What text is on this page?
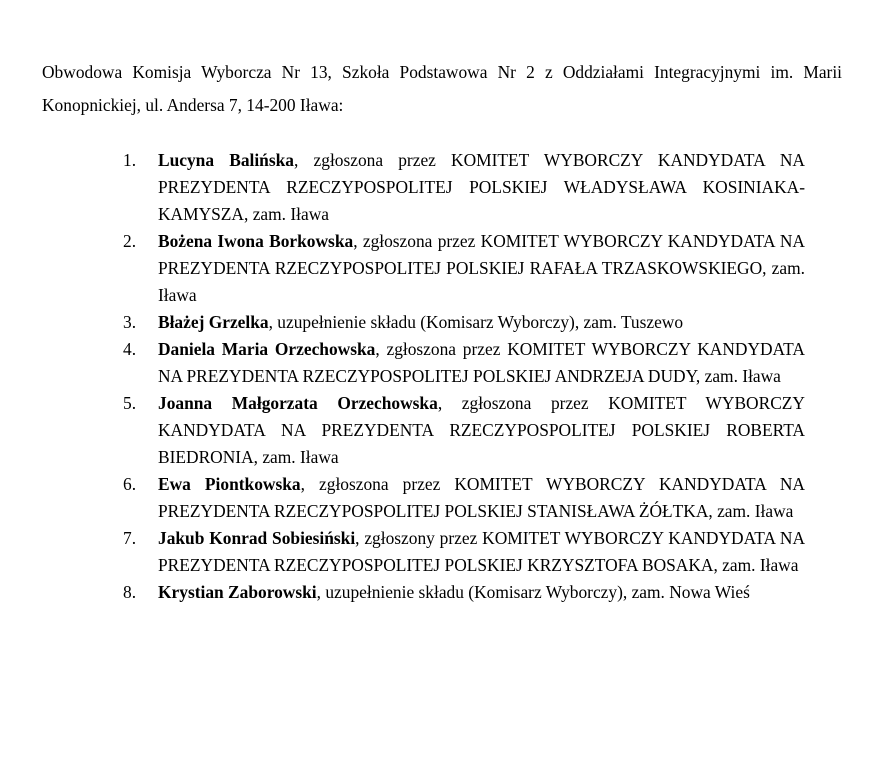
Obwodowa Komisja Wyborcza Nr 13, Szkoła Podstawowa Nr 2 z Oddziałami Integracyjnymi im. Marii Konopnickiej, ul. Andersa 7, 14-200 Iława:

1. Lucyna Balińska, zgłoszona przez KOMITET WYBORCZY KANDYDATA NA PREZYDENTA RZECZYPOSPOLITEJ POLSKIEJ WŁADYSŁAWA KOSINIAKA-KAMYSZA, zam. Iława
2. Bożena Iwona Borkowska, zgłoszona przez KOMITET WYBORCZY KANDYDATA NA PREZYDENTA RZECZYPOSPOLITEJ POLSKIEJ RAFAŁA TRZASKOWSKIEGO, zam. Iława
3. Błażej Grzelka, uzupełnienie składu (Komisarz Wyborczy), zam. Tuszewo
4. Daniela Maria Orzechowska, zgłoszona przez KOMITET WYBORCZY KANDYDATA NA PREZYDENTA RZECZYPOSPOLITEJ POLSKIEJ ANDRZEJA DUDY, zam. Iława
5. Joanna Małgorzata Orzechowska, zgłoszona przez KOMITET WYBORCZY KANDYDATA NA PREZYDENTA RZECZYPOSPOLITEJ POLSKIEJ ROBERTA BIEDRONIA, zam. Iława
6. Ewa Piontkowska, zgłoszona przez KOMITET WYBORCZY KANDYDATA NA PREZYDENTA RZECZYPOSPOLITEJ POLSKIEJ STANISŁAWA ŻÓŁTKA, zam. Iława
7. Jakub Konrad Sobiesiński, zgłoszony przez KOMITET WYBORCZY KANDYDATA NA PREZYDENTA RZECZYPOSPOLITEJ POLSKIEJ KRZYSZTOFA BOSAKA, zam. Iława
8. Krystian Zaborowski, uzupełnienie składu (Komisarz Wyborczy), zam. Nowa Wieś
